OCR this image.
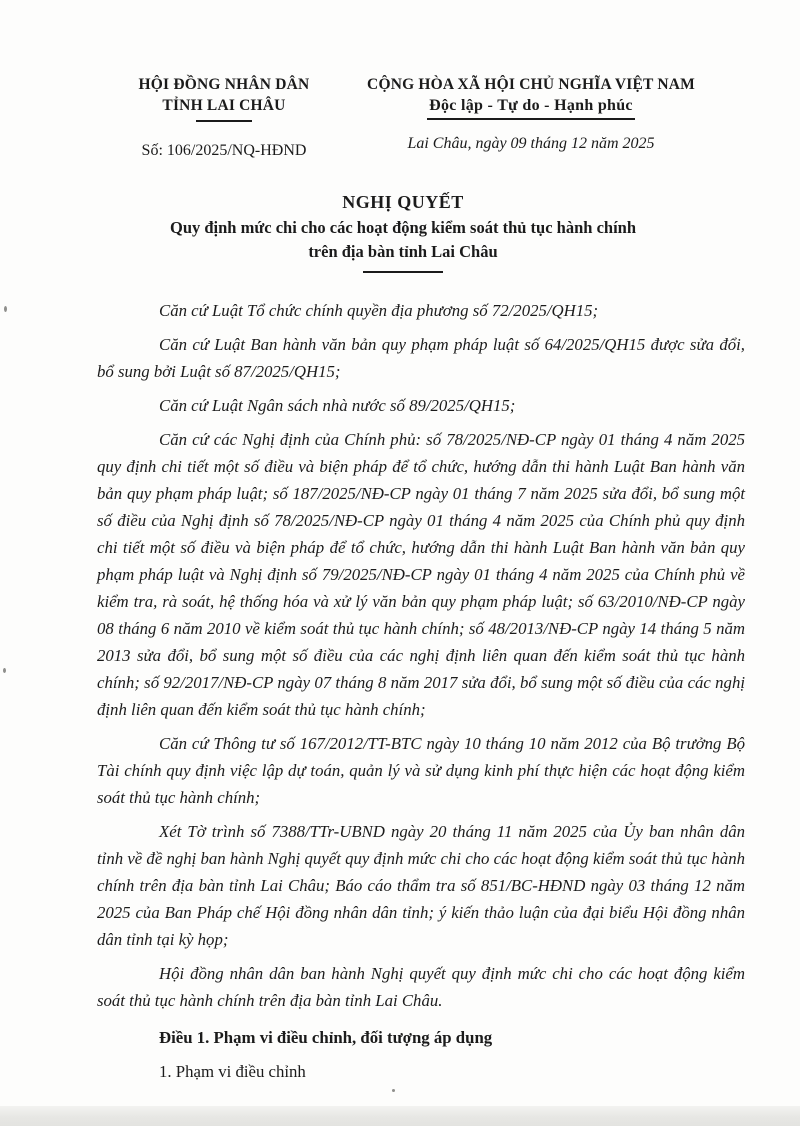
HỘI ĐỒNG NHÂN DÂN
TỈNH LAI CHÂU
Số: 106/2025/NQ-HĐND
CỘNG HÒA XÃ HỘI CHỦ NGHĨA VIỆT NAM
Độc lập - Tự do - Hạnh phúc
Lai Châu, ngày 09 tháng 12 năm 2025
NGHỊ QUYẾT
Quy định mức chi cho các hoạt động kiểm soát thủ tục hành chính
trên địa bàn tỉnh Lai Châu

Căn cứ Luật Tổ chức chính quyền địa phương số 72/2025/QH15;

Căn cứ Luật Ban hành văn bản quy phạm pháp luật số 64/2025/QH15 được sửa đổi, bổ sung bởi Luật số 87/2025/QH15;

Căn cứ Luật Ngân sách nhà nước số 89/2025/QH15;

Căn cứ các Nghị định của Chính phủ: số 78/2025/NĐ-CP ngày 01 tháng 4 năm 2025 quy định chi tiết một số điều và biện pháp để tổ chức, hướng dẫn thi hành Luật Ban hành văn bản quy phạm pháp luật; số 187/2025/NĐ-CP ngày 01 tháng 7 năm 2025 sửa đổi, bổ sung một số điều của Nghị định số 78/2025/NĐ-CP ngày 01 tháng 4 năm 2025 của Chính phủ quy định chi tiết một số điều và biện pháp để tổ chức, hướng dẫn thi hành Luật Ban hành văn bản quy phạm pháp luật và Nghị định số 79/2025/NĐ-CP ngày 01 tháng 4 năm 2025 của Chính phủ về kiểm tra, rà soát, hệ thống hóa và xử lý văn bản quy phạm pháp luật; số 63/2010/NĐ-CP ngày 08 tháng 6 năm 2010 về kiểm soát thủ tục hành chính; số 48/2013/NĐ-CP ngày 14 tháng 5 năm 2013 sửa đổi, bổ sung một số điều của các nghị định liên quan đến kiểm soát thủ tục hành chính; số 92/2017/NĐ-CP ngày 07 tháng 8 năm 2017 sửa đổi, bổ sung một số điều của các nghị định liên quan đến kiểm soát thủ tục hành chính;

Căn cứ Thông tư số 167/2012/TT-BTC ngày 10 tháng 10 năm 2012 của Bộ trưởng Bộ Tài chính quy định việc lập dự toán, quản lý và sử dụng kinh phí thực hiện các hoạt động kiểm soát thủ tục hành chính;

Xét Tờ trình số 7388/TTr-UBND ngày 20 tháng 11 năm 2025 của Ủy ban nhân dân tỉnh về đề nghị ban hành Nghị quyết quy định mức chi cho các hoạt động kiểm soát thủ tục hành chính trên địa bàn tỉnh Lai Châu; Báo cáo thẩm tra số 851/BC-HĐND ngày 03 tháng 12 năm 2025 của Ban Pháp chế Hội đồng nhân dân tỉnh; ý kiến thảo luận của đại biểu Hội đồng nhân dân tỉnh tại kỳ họp;

Hội đồng nhân dân ban hành Nghị quyết quy định mức chi cho các hoạt động kiểm soát thủ tục hành chính trên địa bàn tỉnh Lai Châu.

Điều 1. Phạm vi điều chỉnh, đối tượng áp dụng

1. Phạm vi điều chỉnh
